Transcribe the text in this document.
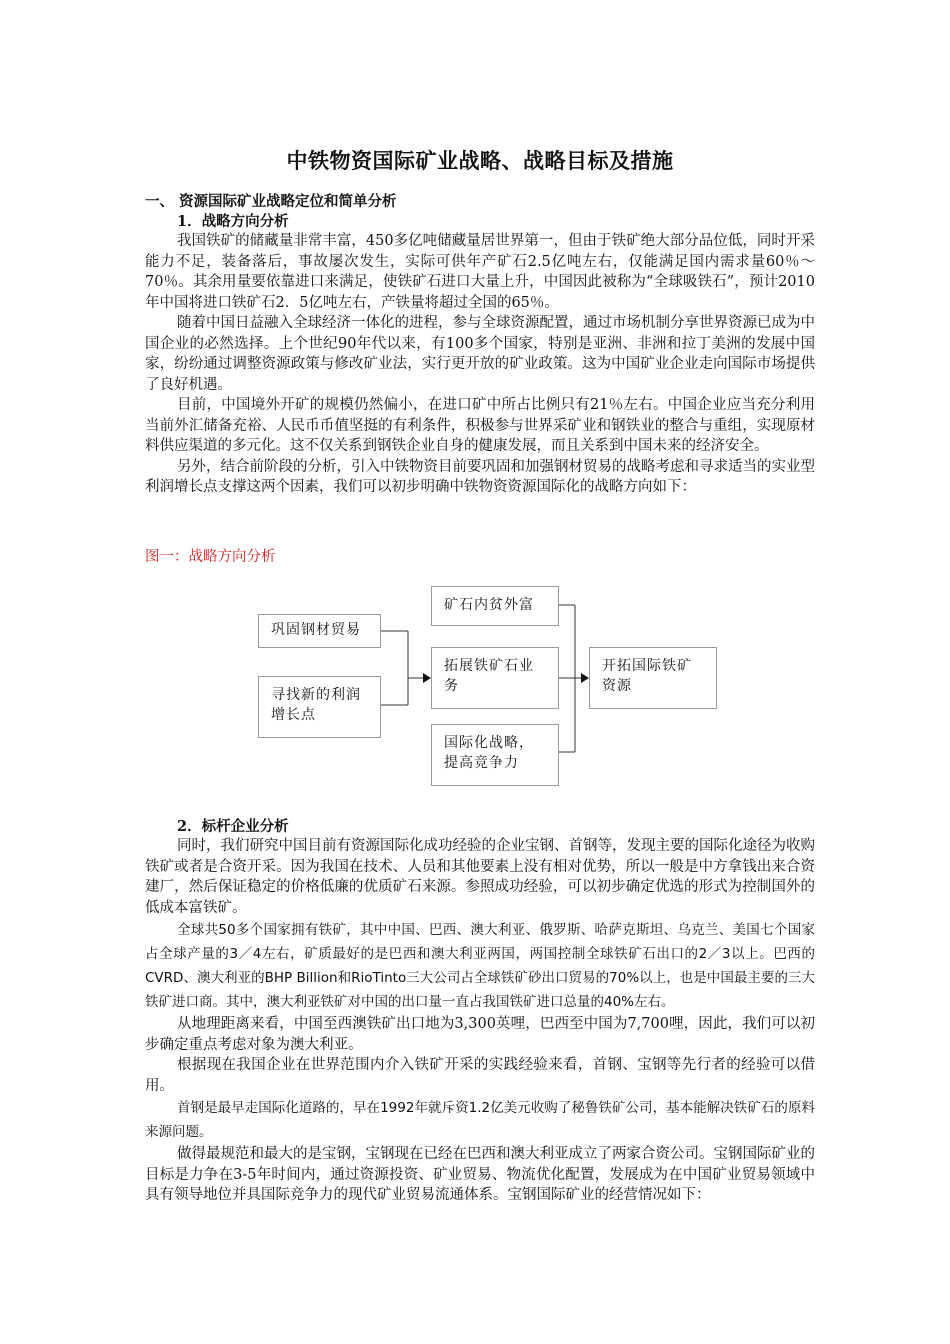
中铁物资国际矿业战略、战略目标及措施
一、 资源国际矿业战略定位和简单分析
1．战略方向分析

我国铁矿的储藏量非常丰富，450多亿吨储藏量居世界第一，但由于铁矿绝大部分品位低，同时开采能力不足，装备落后，事故屡次发生，实际可供年产矿石2.5亿吨左右，仅能满足国内需求量60％～70％。其余用量要依靠进口来满足，使铁矿石进口大量上升，中国因此被称为“全球吸铁石”，预计2010年中国将进口铁矿石2．5亿吨左右，产铁量将超过全国的65％。

随着中国日益融入全球经济一体化的进程，参与全球资源配置，通过市场机制分享世界资源已成为中国企业的必然选择。上个世纪90年代以来，有100多个国家，特别是亚洲、非洲和拉丁美洲的发展中国家，纷纷通过调整资源政策与修改矿业法，实行更开放的矿业政策。这为中国矿业企业走向国际市场提供了良好机遇。

目前，中国境外开矿的规模仍然偏小，在进口矿中所占比例只有21％左右。中国企业应当充分利用当前外汇储备充裕、人民币币值坚挺的有利条件，积极参与世界采矿业和钢铁业的整合与重组，实现原材料供应渠道的多元化。这不仅关系到钢铁企业自身的健康发展，而且关系到中国未来的经济安全。

另外，结合前阶段的分析，引入中铁物资目前要巩固和加强钢材贸易的战略考虑和寻求适当的实业型利润增长点支撑这两个因素，我们可以初步明确中铁物资资源国际化的战略方向如下：

图一：战略方向分析
巩固钢材贸易
寻找新的利润增长点
矿石内贫外富
拓展铁矿石业务
国际化战略，提高竞争力
开拓国际铁矿资源
2．标杆企业分析

同时，我们研究中国目前有资源国际化成功经验的企业宝钢、首钢等，发现主要的国际化途径为收购铁矿或者是合资开采。因为我国在技术、人员和其他要素上没有相对优势，所以一般是中方拿钱出来合资建厂，然后保证稳定的价格低廉的优质矿石来源。参照成功经验，可以初步确定优选的形式为控制国外的低成本富铁矿。

全球共50多个国家拥有铁矿，其中中国、巴西、澳大利亚、俄罗斯、哈萨克斯坦、乌克兰、美国七个国家占全球产量的3／4左右，矿质最好的是巴西和澳大利亚两国，两国控制全球铁矿石出口的2／3以上。巴西的CVRD、澳大利亚的BHP Billion和RioTinto三大公司占全球铁矿砂出口贸易的70%以上，也是中国最主要的三大铁矿进口商。其中，澳大利亚铁矿对中国的出口量一直占我国铁矿进口总量的40%左右。

从地理距离来看，中国至西澳铁矿出口地为3,300英哩，巴西至中国为7,700哩，因此，我们可以初步确定重点考虑对象为澳大利亚。

根据现在我国企业在世界范围内介入铁矿开采的实践经验来看，首钢、宝钢等先行者的经验可以借用。

首钢是最早走国际化道路的，早在1992年就斥资1.2亿美元收购了秘鲁铁矿公司，基本能解决铁矿石的原料来源问题。

做得最规范和最大的是宝钢，宝钢现在已经在巴西和澳大利亚成立了两家合资公司。宝钢国际矿业的目标是力争在3-5年时间内，通过资源投资、矿业贸易、物流优化配置，发展成为在中国矿业贸易领域中具有领导地位并具国际竞争力的现代矿业贸易流通体系。宝钢国际矿业的经营情况如下：
